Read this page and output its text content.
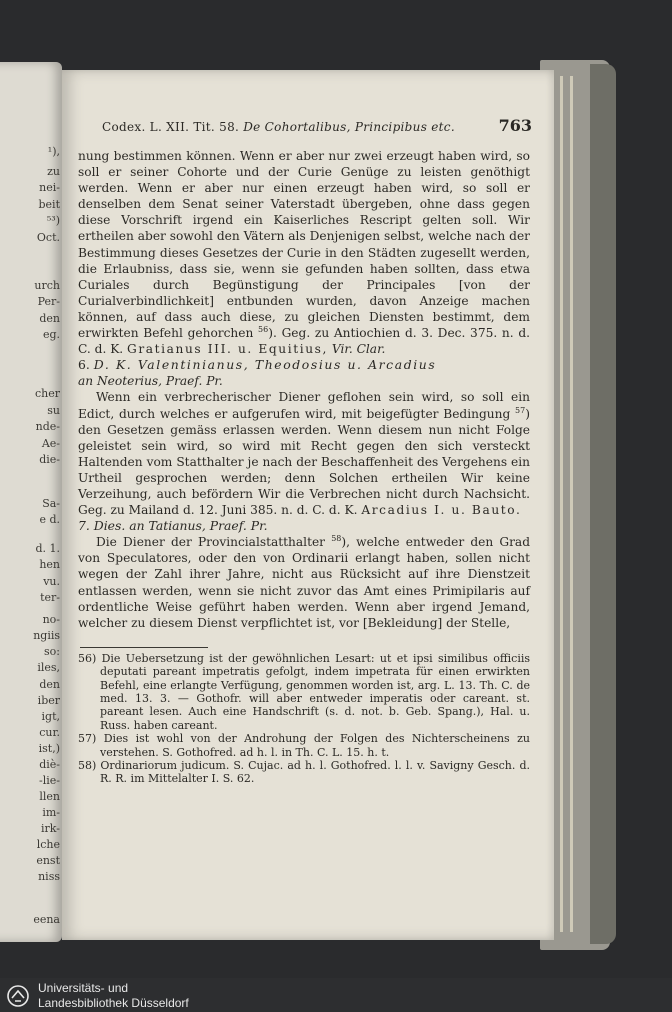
¹),
zu
nei-
beit
⁵³)
Oct.
urch
Per-
den
eg.
cher
su
nde-
Ae-
die-
Sa-
e d.
d. 1.
hen
vu.
ter-
no-
ngiis
so:
iles,
den
iber
igt,
cur.
ist,)
diè-
-lie-
llen
im-
irk-
lche
enst
niss
eena
Codex. L. XII. Tit. 58. De Cohortalibus, Principibus etc.	763

nung bestimmen können. Wenn er aber nur zwei erzeugt haben wird, so soll er seiner Cohorte und der Curie Genüge zu leisten genöthigt werden. Wenn er aber nur einen erzeugt haben wird, so soll er denselben dem Senat seiner Vaterstadt übergeben, ohne dass gegen diese Vorschrift irgend ein Kaiserliches Rescript gelten soll. Wir ertheilen aber sowohl den Vätern als Denjenigen selbst, welche nach der Bestimmung dieses Gesetzes der Curie in den Städten zugesellt werden, die Erlaubniss, dass sie, wenn sie gefunden haben sollten, dass etwa Curiales durch Begünstigung der Principales [von der Curialverbindlichkeit] entbunden wurden, davon Anzeige machen können, auf dass auch diese, zu gleichen Diensten bestimmt, dem erwirkten Befehl gehorchen $^{56}$). Geg. zu Antiochien d. 3. Dec. 375. n. d. C. d. K. Gratianus III. u. Equitius, Vir. Clar.

6. D. K. Valentinianus, Theodosius u. Arcadius

an Neoterius, Praef. Pr.

Wenn ein verbrecherischer Diener geflohen sein wird, so soll ein Edict, durch welches er aufgerufen wird, mit beigefügter Bedingung $^{57}$) den Gesetzen gemäss erlassen werden. Wenn diesem nun nicht Folge geleistet sein wird, so wird mit Recht gegen den sich versteckt Haltenden vom Statthalter je nach der Beschaffenheit des Vergehens ein Urtheil gesprochen werden; denn Solchen ertheilen Wir keine Verzeihung, auch befördern Wir die Verbrechen nicht durch Nachsicht. Geg. zu Mailand d. 12. Juni 385. n. d. C. d. K. Arcadius I. u. Bauto.

7. Dies. an Tatianus, Praef. Pr.

Die Diener der Provincialstatthalter $^{58}$), welche entweder den Grad von Speculatores, oder den von Ordinarii erlangt haben, sollen nicht wegen der Zahl ihrer Jahre, nicht aus Rücksicht auf ihre Dienstzeit entlassen werden, wenn sie nicht zuvor das Amt eines Primipilaris auf ordentliche Weise geführt haben werden. Wenn aber irgend Jemand, welcher zu diesem Dienst verpflichtet ist, vor [Bekleidung] der Stelle,

56) Die Uebersetzung ist der gewöhnlichen Lesart: ut et ipsi similibus officiis deputati pareant impetratis gefolgt, indem impetrata für einen erwirkten Befehl, eine erlangte Verfügung, genommen worden ist, arg. L. 13. Th. C. de med. 13. 3. — Gothofr. will aber entweder imperatis oder careant. st. pareant lesen. Auch eine Handschrift (s. d. not. b. Geb. Spang.), Hal. u. Russ. haben careant.

57) Dies ist wohl von der Androhung der Folgen des Nichterscheinens zu verstehen. S. Gothofred. ad h. l. in Th. C. L. 15. h. t.

58) Ordinariorum judicum. S. Cujac. ad h. l. Gothofred. l. l. v. Savigny Gesch. d. R. R. im Mittelalter I. S. 62.

Universitäts- und
Landesbibliothek Düsseldorf
